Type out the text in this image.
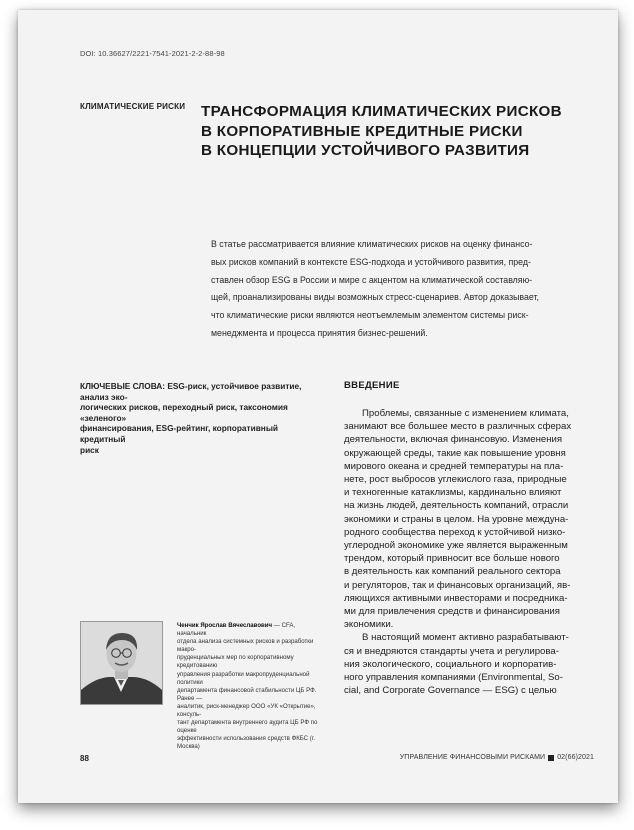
DOI: 10.36627/2221-7541-2021-2-2-88-98
КЛИМАТИЧЕСКИЕ РИСКИ ТРАНСФОРМАЦИЯ КЛИМАТИЧЕСКИХ РИСКОВ
В КОРПОРАТИВНЫЕ КРЕДИТНЫЕ РИСКИ
В КОНЦЕПЦИИ УСТОЙЧИВОГО РАЗВИТИЯ
В статье рассматривается влияние климатических рисков на оценку финансо-
вых рисков компаний в контексте ESG-подхода и устойчивого развития, пред-
ставлен обзор ESG в России и мире с акцентом на климатической составляю-
щей, проанализированы виды возможных стресс-сценариев. Автор доказывает,
что климатические риски являются неотъемлемым элементом системы риск-
менеджмента и процесса принятия бизнес-решений.
КЛЮЧЕВЫЕ СЛОВА: ESG-риск, устойчивое развитие, анализ эко-
логических рисков, переходный риск, таксономия «зеленого»
финансирования, ESG-рейтинг, корпоративный кредитный
риск
ВВЕДЕНИЕ

Проблемы, связанные с изменением климата,
занимают все большее место в различных сферах
деятельности, включая финансовую. Изменения
окружающей среды, такие как повышение уровня
мирового океана и средней температуры на пла-
нете, рост выбросов углекислого газа, природные
и техногенные катаклизмы, кардинально влияют
на жизнь людей, деятельность компаний, отрасли
экономики и страны в целом. На уровне междуна-
родного сообщества переход к устойчивой низко-
углеродной экономике уже является выраженным
трендом, который привносит все больше нового
в деятельность как компаний реального сектора
и регуляторов, так и финансовых организаций, яв-
ляющихся активными инвесторами и посредника-
ми для привлечения средств и финансирования
экономики.

В настоящий момент активно разрабатывают-
ся и внедряются стандарты учета и регулирова-
ния экологического, социального и корпоратив-
ного управления компаниями (Environmental, So-
cial, and Corporate Governance — ESG) с целью

Ченчик Ярослав Вячеславович — CFA, начальник
отдела анализа системных рисков и разработки макро-
пруденциальных мер по корпоративному кредитованию
управления разработки макропруденциальной политики
департамента финансовой стабильности ЦБ РФ. Ранее —
аналитик, риск-менеджер ООО «УК «Открытие», консуль-
тант департамента внутреннего аудита ЦБ РФ по оценке
эффективности использования средств ФКБС (г. Москва)
88	УПРАВЛЕНИЕ ФИНАНСОВЫМИ РИСКАМИ 02(66)2021
